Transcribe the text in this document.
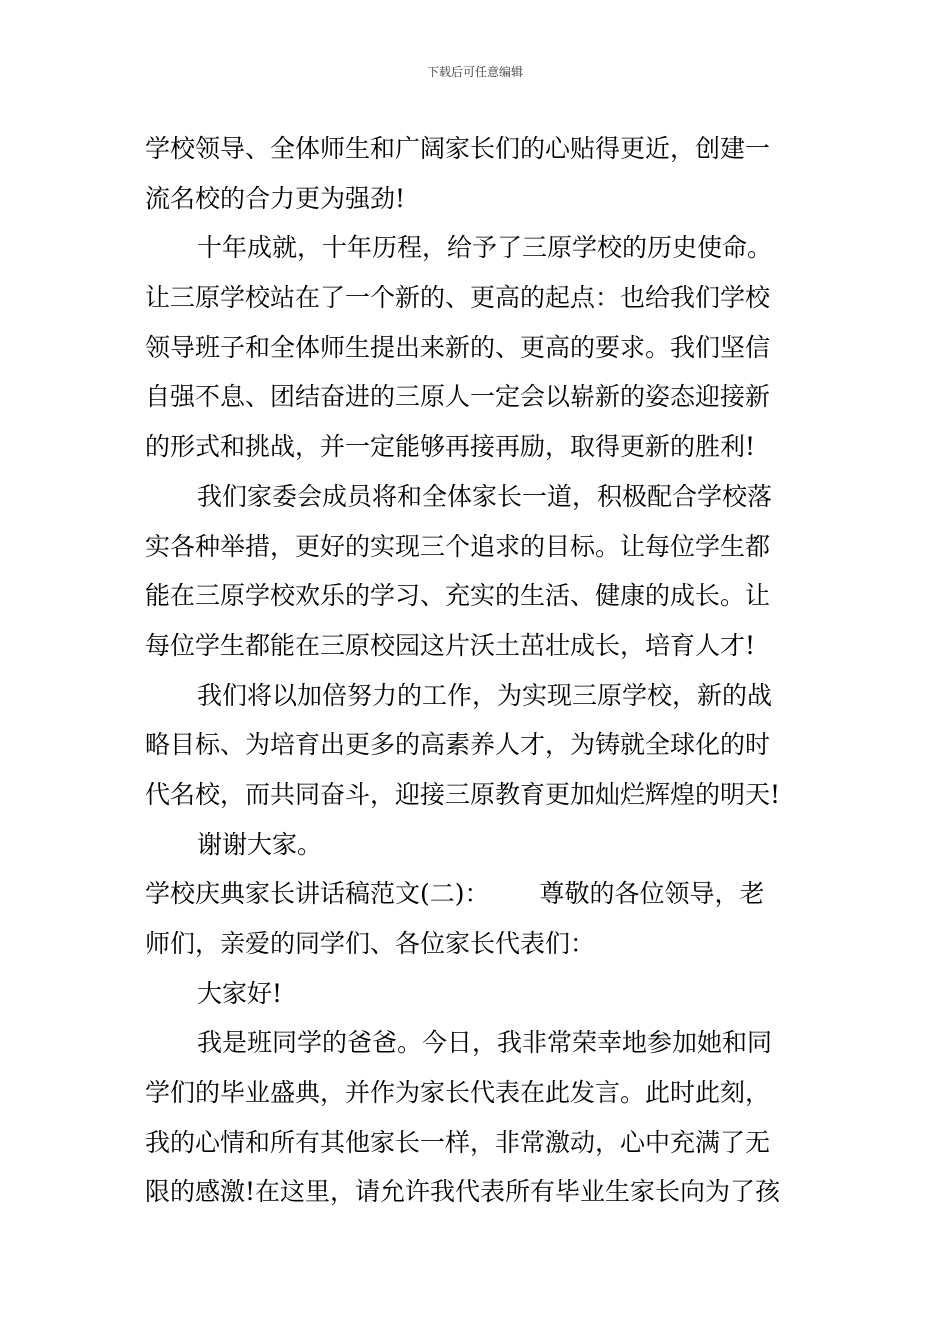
下载后可任意编辑
学校领导、全体师生和广阔家长们的心贴得更近，创建一
流名校的合力更为强劲!
十年成就，十年历程，给予了三原学校的历史使命。
让三原学校站在了一个新的、更高的起点：也给我们学校
领导班子和全体师生提出来新的、更高的要求。我们坚信
自强不息、团结奋进的三原人一定会以崭新的姿态迎接新
的形式和挑战，并一定能够再接再励，取得更新的胜利!
我们家委会成员将和全体家长一道，积极配合学校落
实各种举措，更好的实现三个追求的目标。让每位学生都
能在三原学校欢乐的学习、充实的生活、健康的成长。让
每位学生都能在三原校园这片沃土茁壮成长，培育人才!
我们将以加倍努力的工作，为实现三原学校，新的战
略目标、为培育出更多的高素养人才，为铸就全球化的时
代名校，而共同奋斗，迎接三原教育更加灿烂辉煌的明天!
谢谢大家。
学校庆典家长讲话稿范文(二)： 尊敬的各位领导，老
师们，亲爱的同学们、各位家长代表们：
大家好!
我是班同学的爸爸。今日，我非常荣幸地参加她和同
学们的毕业盛典，并作为家长代表在此发言。此时此刻，
我的心情和所有其他家长一样，非常激动，心中充满了无
限的感激!在这里，请允许我代表所有毕业生家长向为了孩
